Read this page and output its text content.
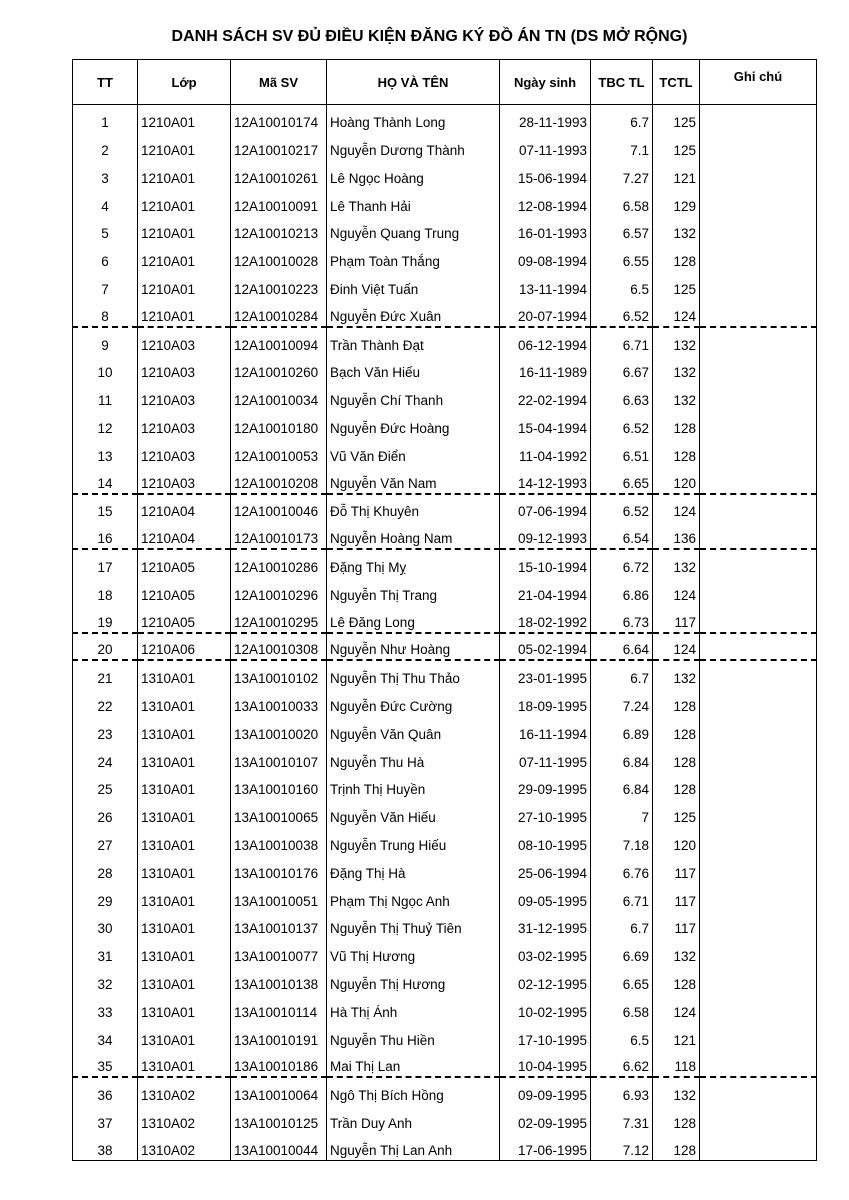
DANH SÁCH SV ĐỦ ĐIỀU KIỆN ĐĂNG KÝ ĐỒ ÁN TN (DS MỞ RỘNG)
TT	Lớp	Mã SV	HỌ VÀ TÊN	Ngày sinh	TBC TL	TCTL	Ghi chú
1	1210A01	12A10010174	Hoàng Thành Long	28-11-1993	6.7	125	
2	1210A01	12A10010217	Nguyễn Dương Thành	07-11-1993	7.1	125	
3	1210A01	12A10010261	Lê Ngọc Hoàng	15-06-1994	7.27	121	
4	1210A01	12A10010091	Lê Thanh Hải	12-08-1994	6.58	129	
5	1210A01	12A10010213	Nguyễn Quang Trung	16-01-1993	6.57	132	
6	1210A01	12A10010028	Phạm Toàn Thắng	09-08-1994	6.55	128	
7	1210A01	12A10010223	Đinh Việt Tuấn	13-11-1994	6.5	125	
8	1210A01	12A10010284	Nguyễn Đức Xuân	20-07-1994	6.52	124	
9	1210A03	12A10010094	Trần Thành Đạt	06-12-1994	6.71	132	
10	1210A03	12A10010260	Bạch Văn Hiếu	16-11-1989	6.67	132	
11	1210A03	12A10010034	Nguyễn Chí Thanh	22-02-1994	6.63	132	
12	1210A03	12A10010180	Nguyễn Đức Hoàng	15-04-1994	6.52	128	
13	1210A03	12A10010053	Vũ Văn Điển	11-04-1992	6.51	128	
14	1210A03	12A10010208	Nguyễn Văn Nam	14-12-1993	6.65	120	
15	1210A04	12A10010046	Đỗ Thị Khuyên	07-06-1994	6.52	124	
16	1210A04	12A10010173	Nguyễn Hoàng Nam	09-12-1993	6.54	136	
17	1210A05	12A10010286	Đặng Thị Mỵ	15-10-1994	6.72	132	
18	1210A05	12A10010296	Nguyễn Thị Trang	21-04-1994	6.86	124	
19	1210A05	12A10010295	Lê Đăng Long	18-02-1992	6.73	117	
20	1210A06	12A10010308	Nguyễn Như Hoàng	05-02-1994	6.64	124	
21	1310A01	13A10010102	Nguyễn Thị Thu Thảo	23-01-1995	6.7	132	
22	1310A01	13A10010033	Nguyễn Đức Cường	18-09-1995	7.24	128	
23	1310A01	13A10010020	Nguyễn Văn Quân	16-11-1994	6.89	128	
24	1310A01	13A10010107	Nguyễn Thu Hà	07-11-1995	6.84	128	
25	1310A01	13A10010160	Trịnh Thị Huyền	29-09-1995	6.84	128	
26	1310A01	13A10010065	Nguyễn Văn Hiếu	27-10-1995	7	125	
27	1310A01	13A10010038	Nguyễn Trung Hiếu	08-10-1995	7.18	120	
28	1310A01	13A10010176	Đặng Thị Hà	25-06-1994	6.76	117	
29	1310A01	13A10010051	Phạm Thị Ngọc Anh	09-05-1995	6.71	117	
30	1310A01	13A10010137	Nguyễn Thị Thuỷ Tiên	31-12-1995	6.7	117	
31	1310A01	13A10010077	Vũ Thị Hương	03-02-1995	6.69	132	
32	1310A01	13A10010138	Nguyễn Thị Hương	02-12-1995	6.65	128	
33	1310A01	13A10010114	Hà Thị Ánh	10-02-1995	6.58	124	
34	1310A01	13A10010191	Nguyễn Thu Hiền	17-10-1995	6.5	121	
35	1310A01	13A10010186	Mai Thị Lan	10-04-1995	6.62	118	
36	1310A02	13A10010064	Ngô Thị Bích Hồng	09-09-1995	6.93	132	
37	1310A02	13A10010125	Trần Duy Anh	02-09-1995	7.31	128	
38	1310A02	13A10010044	Nguyễn Thị Lan Anh	17-06-1995	7.12	128	
